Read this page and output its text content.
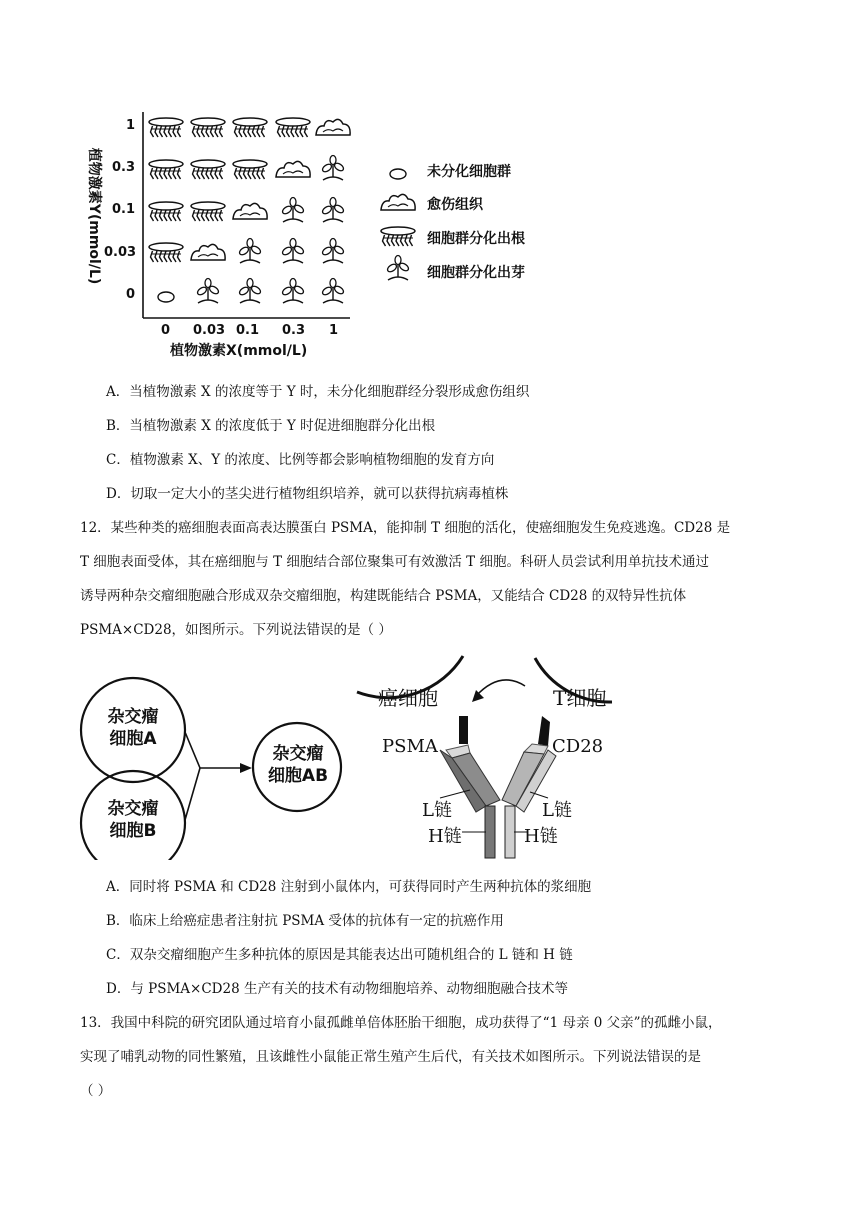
植物激素Y(mmol/L)
1
0.3
0.1
0.03
0
0 0.03 0.1 0.3 1
植物激素X(mmol/L)
未分化细胞群
愈伤组织
细胞群分化出根
细胞群分化出芽
A．当植物激素 X 的浓度等于 Y 时，未分化细胞群经分裂形成愈伤组织
B．当植物激素 X 的浓度低于 Y 时促进细胞群分化出根
C．植物激素 X、Y 的浓度、比例等都会影响植物细胞的发育方向
D．切取一定大小的茎尖进行植物组织培养，就可以获得抗病毒植株
12．某些种类的癌细胞表面高表达膜蛋白 PSMA，能抑制 T 细胞的活化，使癌细胞发生免疫逃逸。CD28 是
T 细胞表面受体，其在癌细胞与 T 细胞结合部位聚集可有效激活 T 细胞。科研人员尝试利用单抗技术通过
诱导两种杂交瘤细胞融合形成双杂交瘤细胞，构建既能结合 PSMA，又能结合 CD28 的双特异性抗体
PSMA×CD28，如图所示。下列说法错误的是（ ）
杂交瘤
细胞A
杂交瘤
细胞B
杂交瘤
细胞AB
癌细胞	T细胞
PSMA	CD28
L链	L链
H链	H链
A．同时将 PSMA 和 CD28 注射到小鼠体内，可获得同时产生两种抗体的浆细胞
B．临床上给癌症患者注射抗 PSMA 受体的抗体有一定的抗癌作用
C．双杂交瘤细胞产生多种抗体的原因是其能表达出可随机组合的 L 链和 H 链
D．与 PSMA×CD28 生产有关的技术有动物细胞培养、动物细胞融合技术等
13．我国中科院的研究团队通过培育小鼠孤雌单倍体胚胎干细胞，成功获得了“1 母亲 0 父亲”的孤雌小鼠，
实现了哺乳动物的同性繁殖，且该雌性小鼠能正常生殖产生后代，有关技术如图所示。下列说法错误的是
（ ）
